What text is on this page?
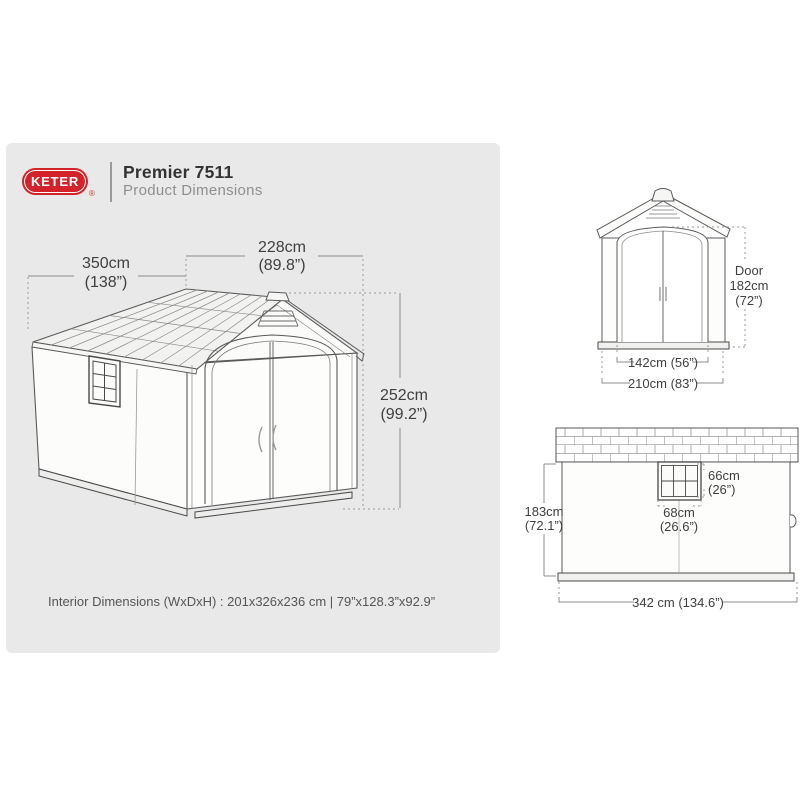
KETER
®
Premier 7511
Product Dimensions
350cm
(138”)
228cm
(89.8”)
252cm
(99.2”)
Door
182cm
(72”)
142cm (56”)
210cm (83”)
66cm
(26”)
68cm
(26.6”)
183cm
(72.1”)
342 cm (134.6”)
Interior Dimensions (WxDxH) : 201x326x236 cm | 79”x128.3”x92.9”
